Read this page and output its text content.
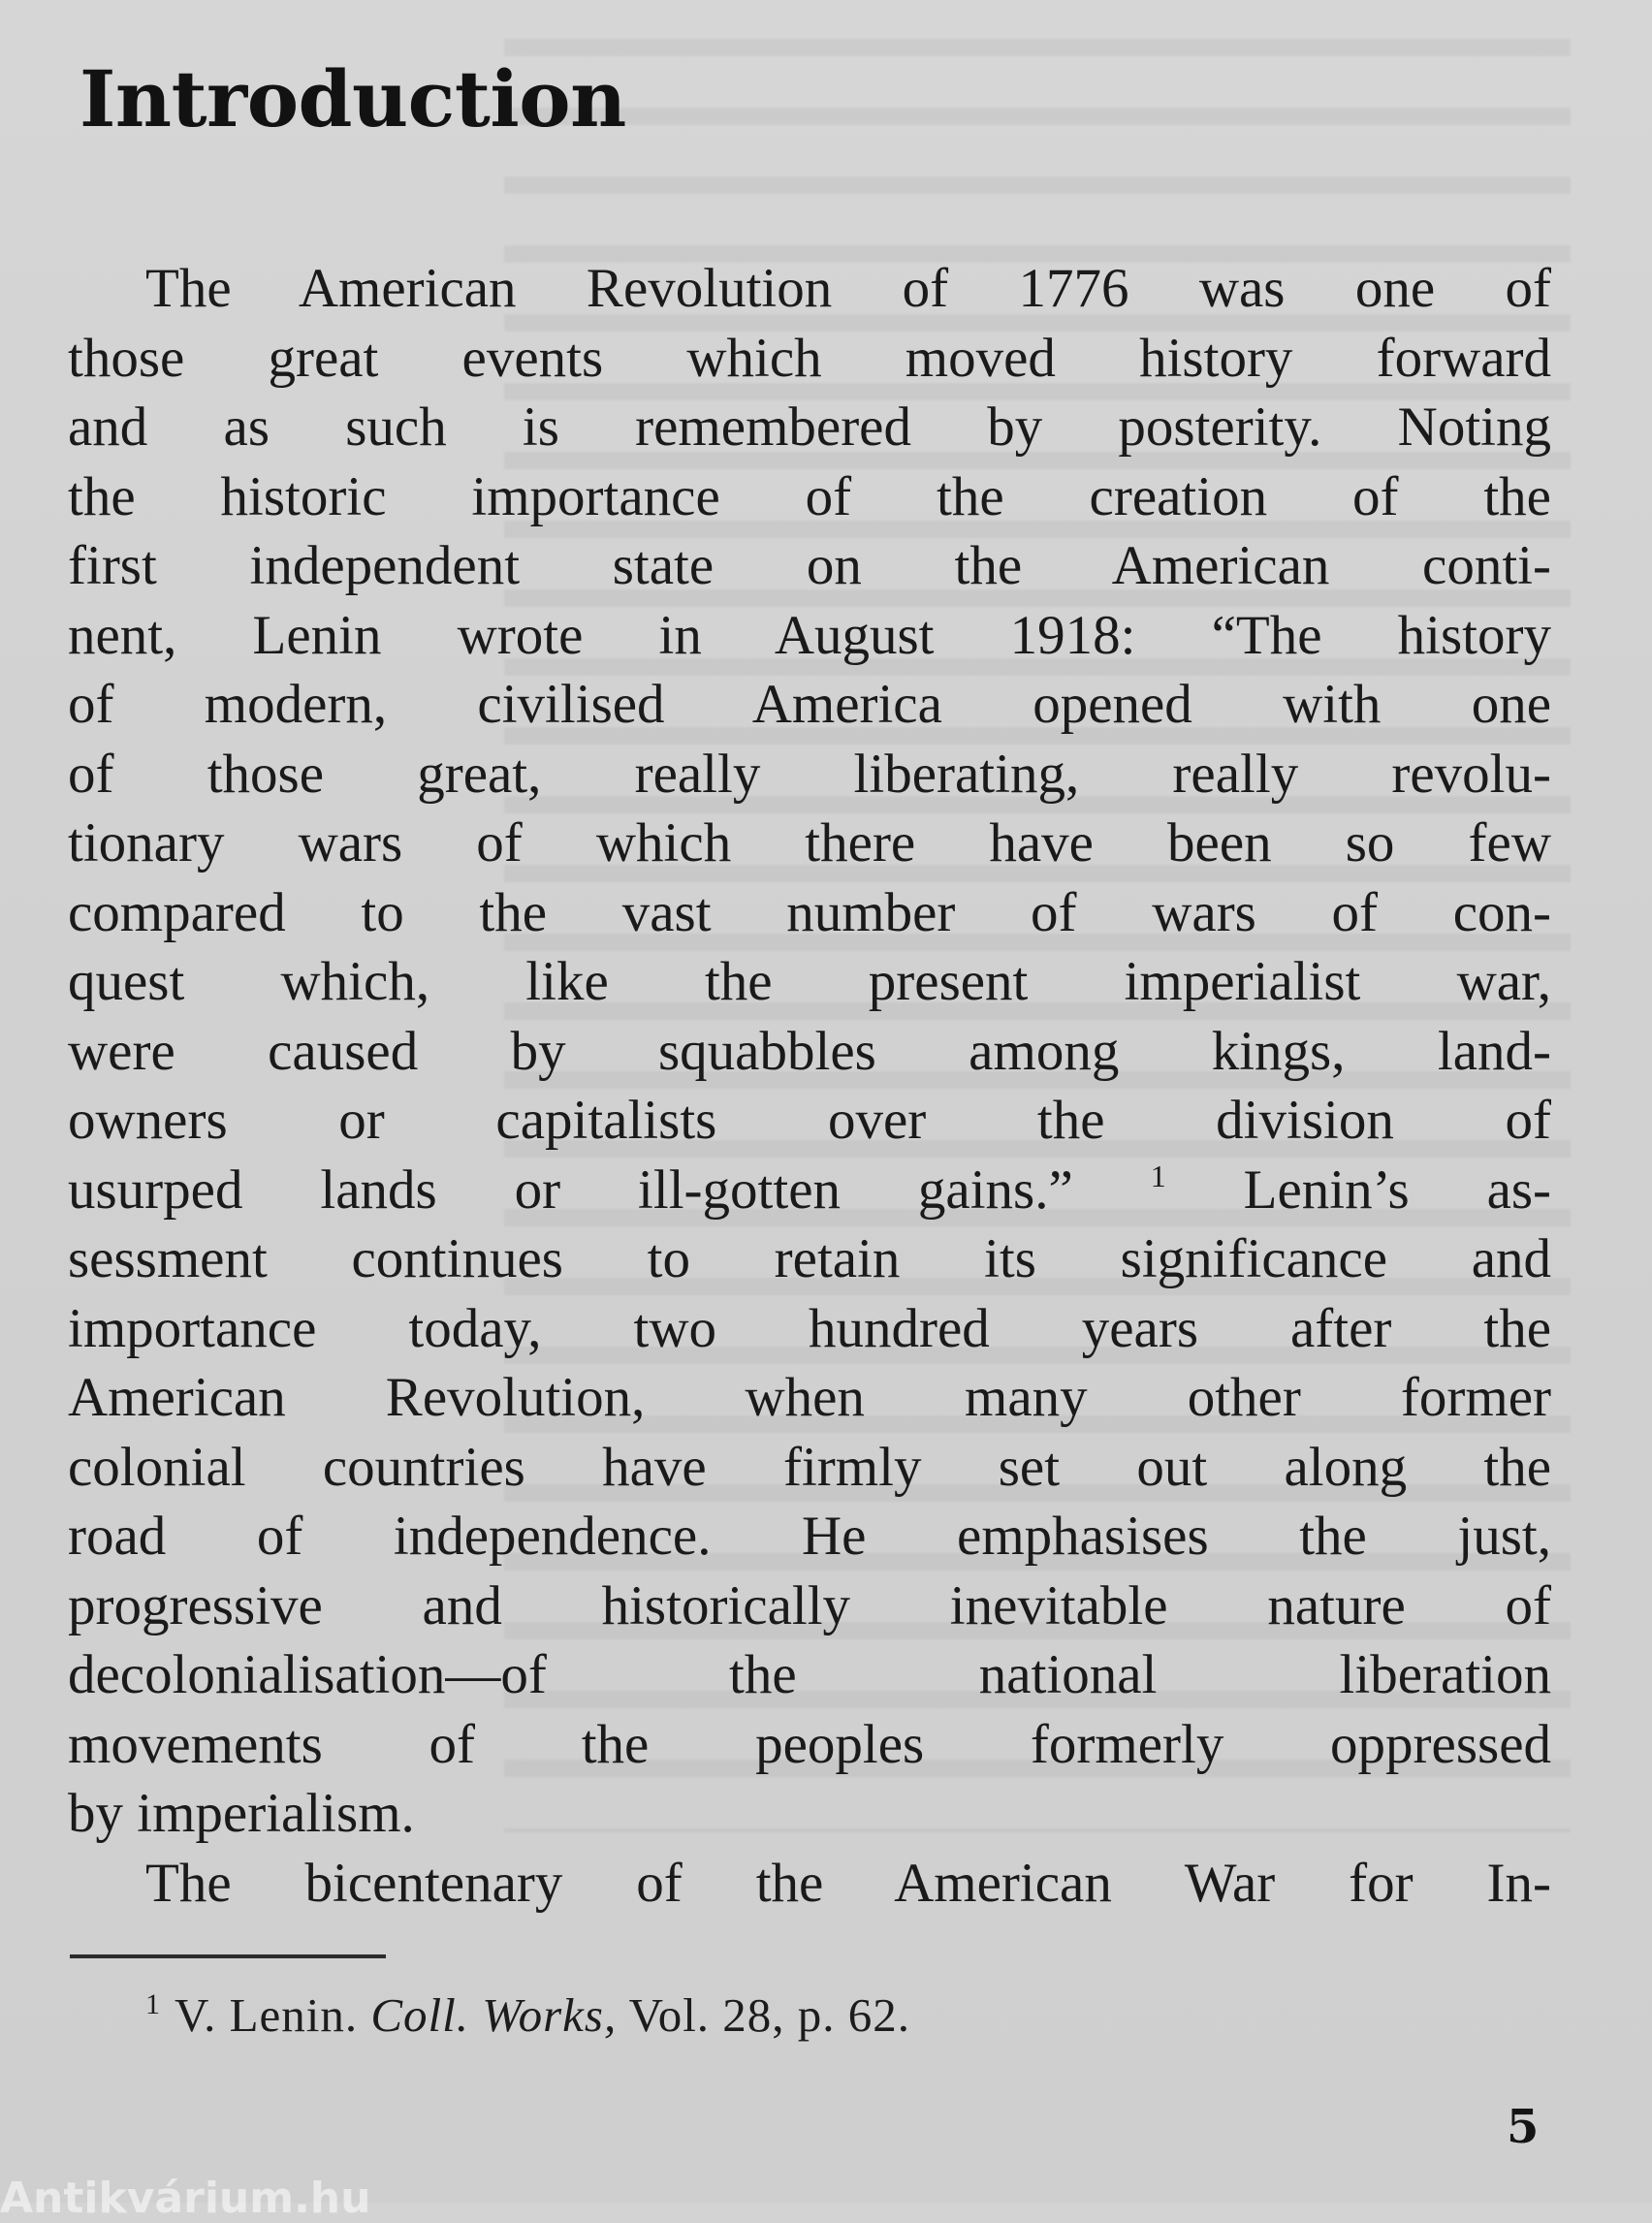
Introduction
The American Revolution of 1776 was one of
those great events which moved history forward
and as such is remembered by posterity. Noting
the historic importance of the creation of the
first independent state on the American conti-
nent, Lenin wrote in August 1918: “The history
of modern, civilised America opened with one
of those great, really liberating, really revolu-
tionary wars of which there have been so few
compared to the vast number of wars of con-
quest which, like the present imperialist war,
were caused by squabbles among kings, land-
owners or capitalists over the division of
usurped lands or ill-gotten gains.” $^1$ Lenin’s as-
sessment continues to retain its significance and
importance today, two hundred years after the
American Revolution, when many other former
colonial countries have firmly set out along the
road of independence. He emphasises the just,
progressive and historically inevitable nature of
decolonialisation—of the national liberation
movements of the peoples formerly oppressed
by imperialism.
The bicentenary of the American War for In-
$^1$ V. Lenin. Coll. Works, Vol. 28, p. 62.
5
Antikvárium.hu
